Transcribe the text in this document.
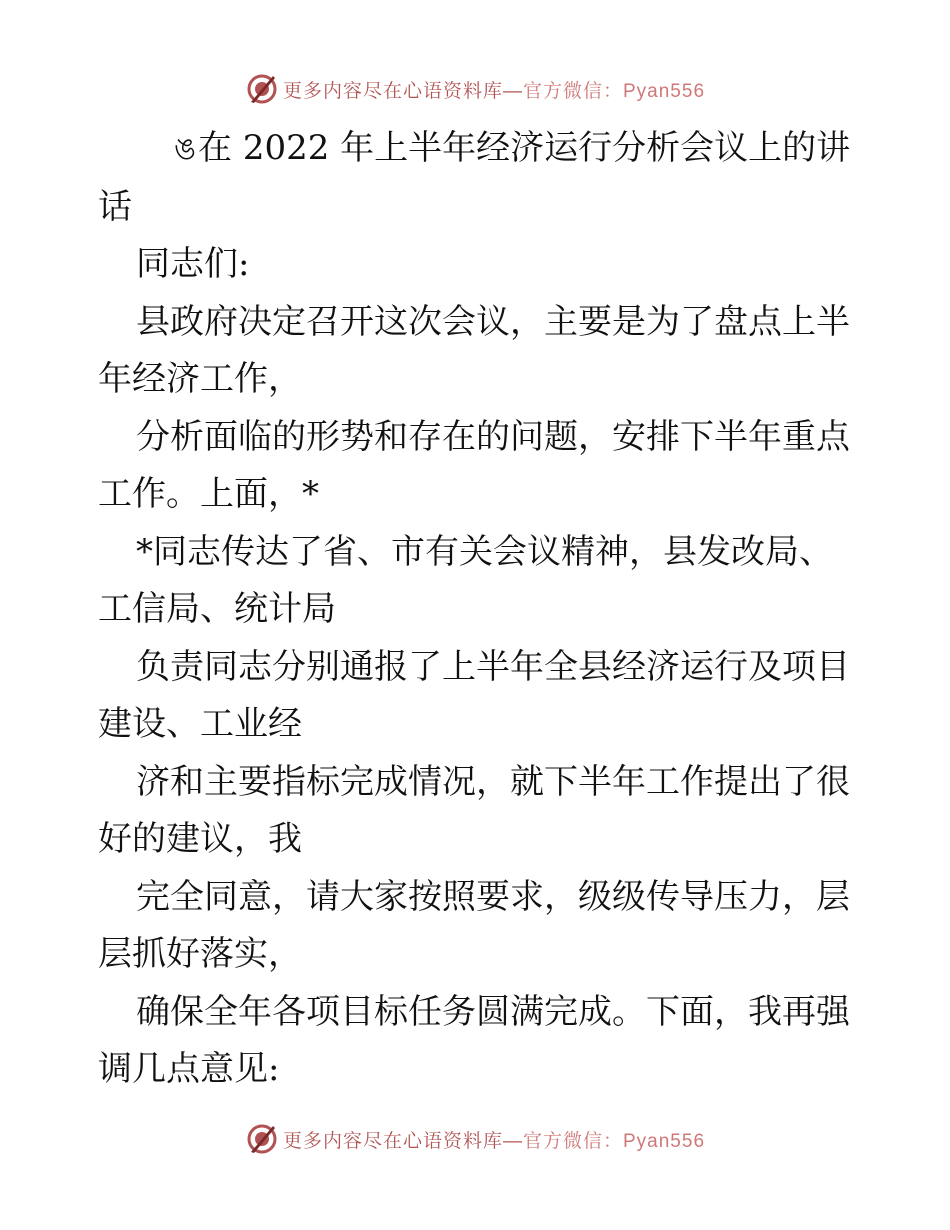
更多内容尽在心语资料库— 官方微信：Pyan556

ঙ在 2022 年上半年经济运行分析会议上的讲话

同志们:

县政府决定召开这次会议，主要是为了盘点上半年经济工作，

分析面临的形势和存在的问题，安排下半年重点工作。上面，*

*同志传达了省、市有关会议精神，县发改局、工信局、统计局

负责同志分别通报了上半年全县经济运行及项目建设、工业经

济和主要指标完成情况，就下半年工作提出了很好的建议，我

完全同意，请大家按照要求，级级传导压力，层层抓好落实，

确保全年各项目标任务圆满完成。下面，我再强调几点意见:

更多内容尽在心语资料库— 官方微信：Pyan556
